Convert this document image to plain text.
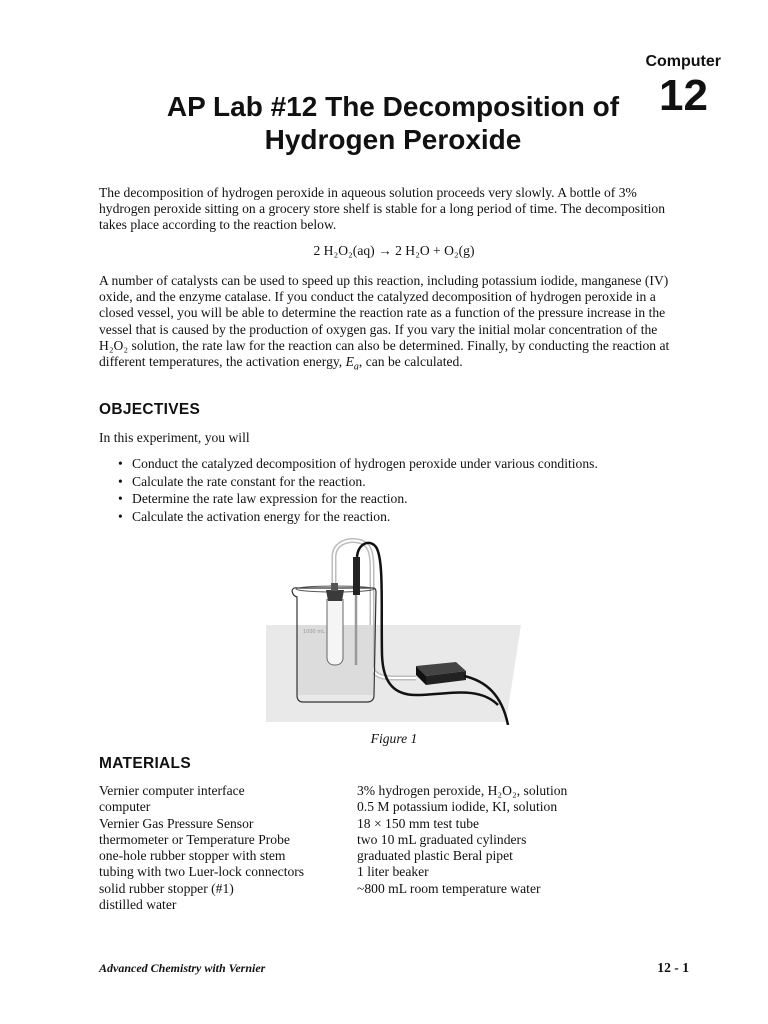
Computer
12
AP Lab #12 The Decomposition of
Hydrogen Peroxide

The decomposition of hydrogen peroxide in aqueous solution proceeds very slowly. A bottle of 3% hydrogen peroxide sitting on a grocery store shelf is stable for a long period of time. The decomposition takes place according to the reaction below.

2 H₂O₂(aq) → 2 H₂O + O₂(g)

A number of catalysts can be used to speed up this reaction, including potassium iodide, manganese (IV) oxide, and the enzyme catalase. If you conduct the catalyzed decomposition of hydrogen peroxide in a closed vessel, you will be able to determine the reaction rate as a function of the pressure increase in the vessel that is caused by the production of oxygen gas. If you vary the initial molar concentration of the H₂O₂ solution, the rate law for the reaction can also be determined. Finally, by conducting the reaction at different temperatures, the activation energy, $E_a$, can be calculated.

OBJECTIVES
In this experiment, you will
• Conduct the catalyzed decomposition of hydrogen peroxide under various conditions.
• Calculate the rate constant for the reaction.
• Determine the rate law expression for the reaction.
• Calculate the activation energy for the reaction.
1000 mL
Figure 1
MATERIALS
Vernier computer interface
computer
Vernier Gas Pressure Sensor
thermometer or Temperature Probe
one-hole rubber stopper with stem
tubing with two Luer-lock connectors
solid rubber stopper (#1)
distilled water
3% hydrogen peroxide, H₂O₂, solution
0.5 M potassium iodide, KI, solution
18 × 150 mm test tube
two 10 mL graduated cylinders
graduated plastic Beral pipet
1 liter beaker
~800 mL room temperature water
Advanced Chemistry with Vernier	12 - 1
